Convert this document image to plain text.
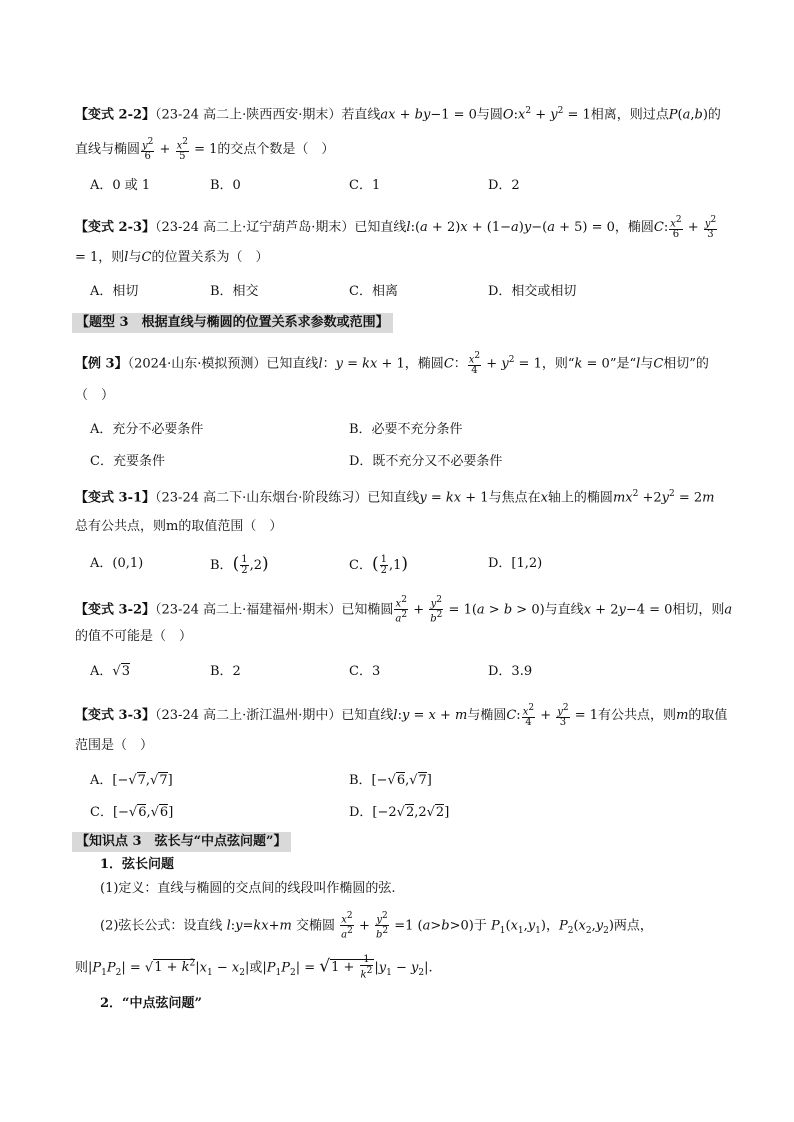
【变式 2-2】（23-24 高二上·陕西西安·期末）若直线ax + by−1 = 0与圆$O:x^2 + y^2 = 1$相离，则过点P(a,b)的
直线与椭圆 $\frac{y^2}{6} + \frac{x^2}{5} = 1$的交点个数是（　）
A．0 或 1	B．0	C．1	D．2
【变式 2-3】（23-24 高二上·辽宁葫芦岛·期末）已知直线l:(a + 2)x + (1−a)y−(a + 5) = 0，椭圆C: $\frac{x^2}{6} + \frac{y^2}{3}$
= 1，则l与C的位置关系为（　）
A．相切	B．相交	C．相离	D．相交或相切
【题型 3　根据直线与椭圆的位置关系求参数或范围】
【例 3】（2024·山东·模拟预测）已知直线l：y = kx + 1，椭圆C： $\frac{x^2}{4} + y^2 = 1$，则“k = 0”是“l与C相切”的
（　）
A．充分不必要条件	B．必要不充分条件
C．充要条件	D．既不充分又不必要条件
【变式 3-1】（23-24 高二下·山东烟台·阶段练习）已知直线y = kx + 1与焦点在x轴上的椭圆$mx^2 +2y^2 = 2m$
总有公共点，则m的取值范围（　）
A．(0,1)	B．( $\frac{1}{2} ,2$)	C．( $\frac{1}{2} ,1$)	D．[1,2)
【变式 3-2】（23-24 高二上·福建福州·期末）已知椭圆 $\frac{x^2}{a^2} + \frac{y^2}{b^2} = 1(a > b > 0)$与直线x + 2y−4 = 0相切，则a
的值不可能是（　）
A．√3	B．2	C．3	D．3.9
【变式 3-3】（23-24 高二上·浙江温州·期中）已知直线l:y = x + m与椭圆C: $\frac{x^2}{4} + \frac{y^2}{3} = 1$有公共点，则m的取值
范围是（　）
A．[−√7,√7]	B．[−√6,√7]
C．[−√6,√6]	D．[−2√2,2√2]
【知识点 3　弦长与“中点弦问题”】
1．弦长问题
(1)定义：直线与椭圆的交点间的线段叫作椭圆的弦.
(2)弦长公式：设直线 l:y=kx+m 交椭圆 $\frac{x^2}{a^2} + \frac{y^2}{b^2} =1$ (a>b>0)于 $P_1(x_1,y_1)$，$P_2(x_2,y_2)$两点，
则$|P_1P_2| = √1 + k^2|x_1 - x_2|$或$|P_1P_2| = √1 + \frac{1}{k^2} |y_1 - y_2|$.
2．“中点弦问题”
